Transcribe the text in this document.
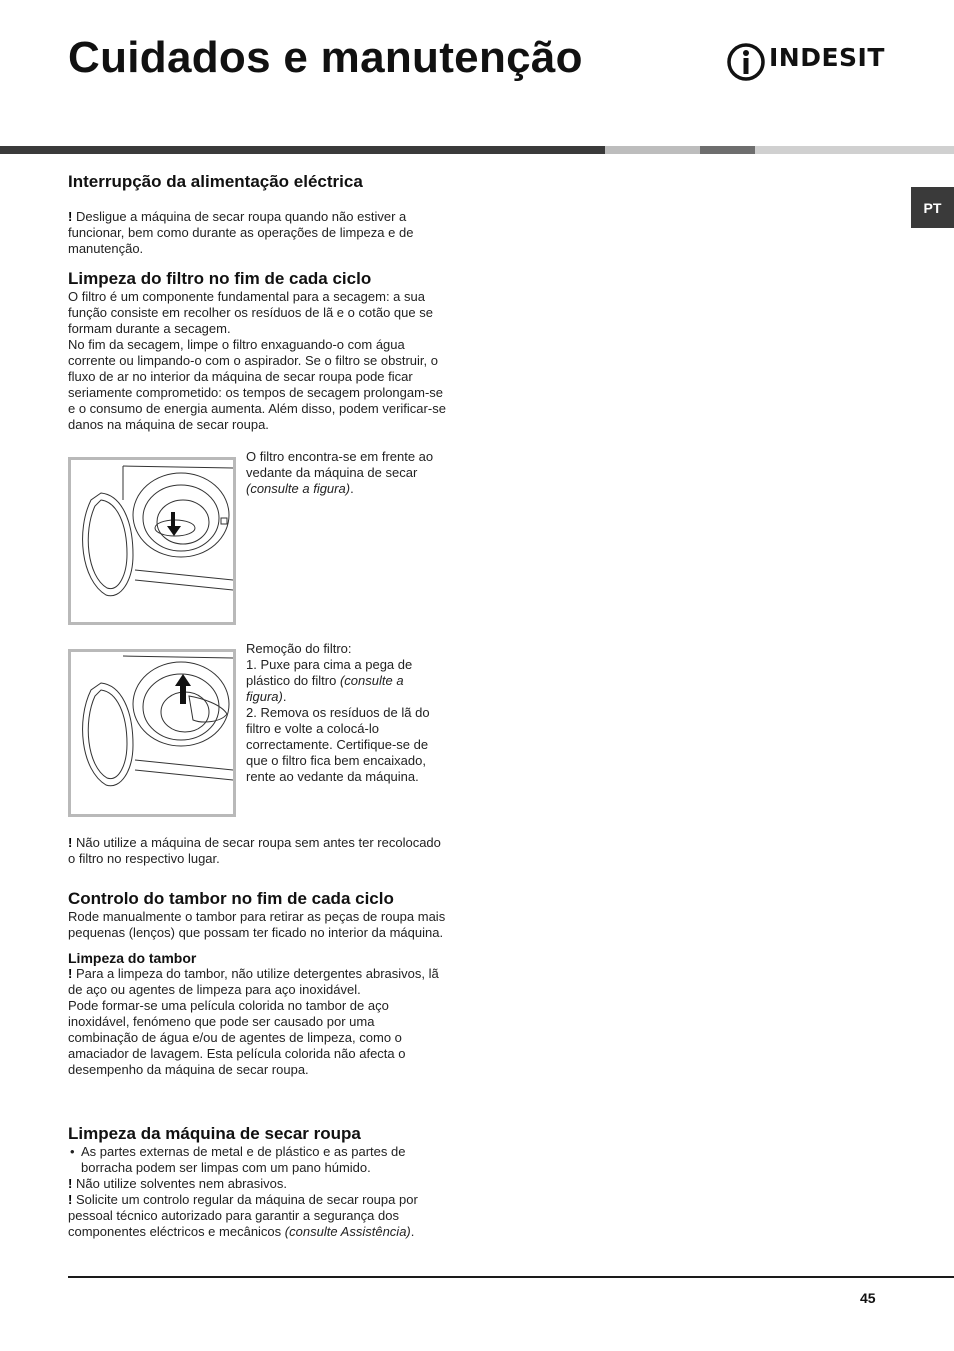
Cuidados e manutenção	INDESIT
PT
Interrupção da alimentação eléctrica

! Desligue a máquina de secar roupa quando não estiver a funcionar, bem como durante as operações de limpeza e de manutenção.

Limpeza do filtro no fim de cada ciclo

O filtro é um componente fundamental para a secagem: a sua função consiste em recolher os resíduos de lã e o cotão que se formam durante a secagem.

No fim da secagem, limpe o filtro enxaguando-o com água corrente ou limpando-o com o aspirador. Se o filtro se obstruir, o fluxo de ar no interior da máquina de secar roupa pode ficar seriamente comprometido: os tempos de secagem prolongam-se e o consumo de energia aumenta. Além disso, podem verificar-se danos na máquina de secar roupa.

O filtro encontra-se em frente ao vedante da máquina de secar (consulte a figura).

Remoção do filtro:

1. Puxe para cima a pega de plástico do filtro (consulte a figura).

2. Remova os resíduos de lã do filtro e volte a colocá-lo correctamente. Certifique-se de que o filtro fica bem encaixado, rente ao vedante da máquina.

! Não utilize a máquina de secar roupa sem antes ter recolocado o filtro no respectivo lugar.

Controlo do tambor no fim de cada ciclo

Rode manualmente o tambor para retirar as peças de roupa mais pequenas (lenços) que possam ter ficado no interior da máquina.

Limpeza do tambor

! Para a limpeza do tambor, não utilize detergentes abrasivos, lã de aço ou agentes de limpeza para aço inoxidável.

Pode formar-se uma película colorida no tambor de aço inoxidável, fenómeno que pode ser causado por uma combinação de água e/ou de agentes de limpeza, como o amaciador de lavagem. Esta película colorida não afecta o desempenho da máquina de secar roupa.

Limpeza da máquina de secar roupa

• As partes externas de metal e de plástico e as partes de borracha podem ser limpas com um pano húmido.

! Não utilize solventes nem abrasivos.

! Solicite um controlo regular da máquina de secar roupa por pessoal técnico autorizado para garantir a segurança dos componentes eléctricos e mecânicos (consulte Assistência).

45
